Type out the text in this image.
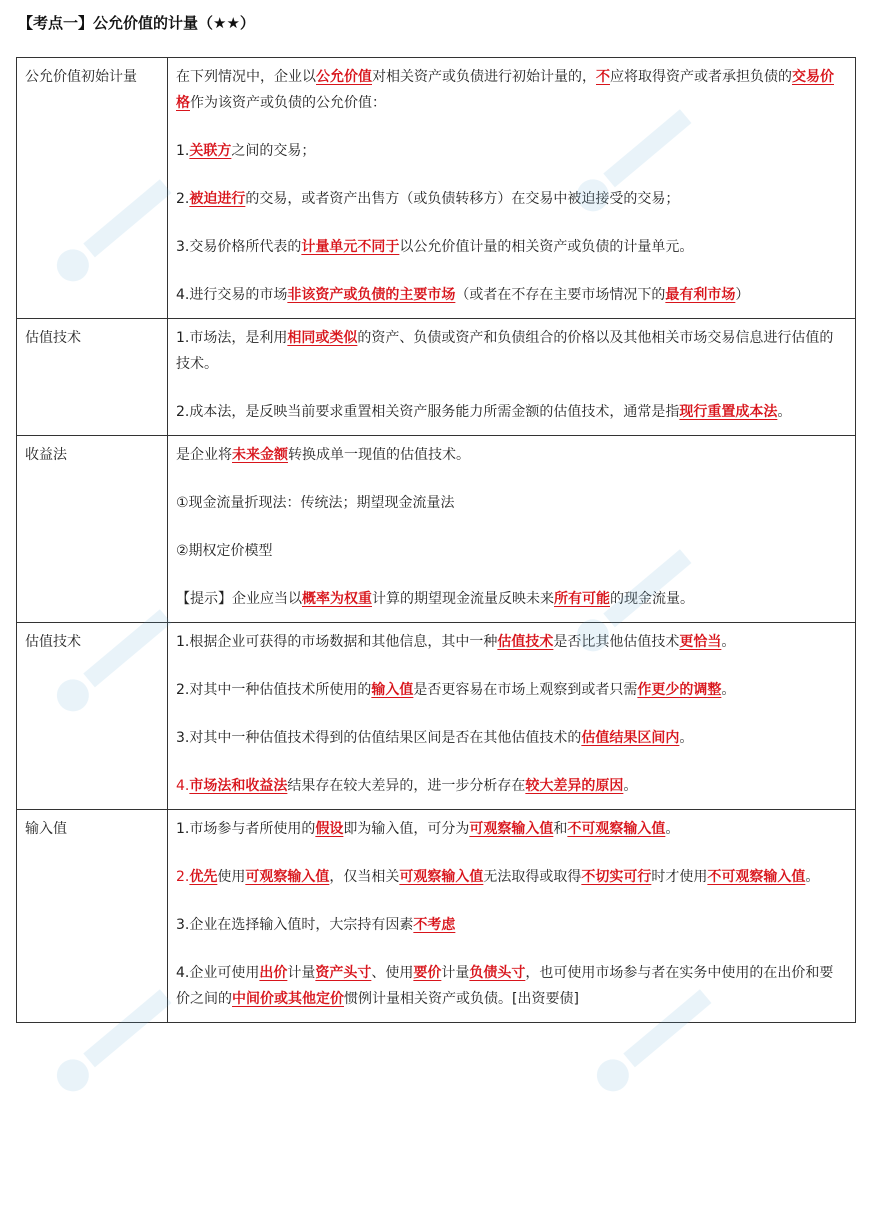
【考点一】公允价值的计量（★★）
公允价值初始计量	在下列情况中，企业以公允价值对相关资产或负债进行初始计量的，不应将取得资产或者承担负债的交易价格作为该资产或负债的公允价值：

1.关联方之间的交易；

2.被迫进行的交易，或者资产出售方（或负债转移方）在交易中被迫接受的交易；

3.交易价格所代表的计量单元不同于以公允价值计量的相关资产或负债的计量单元。

4.进行交易的市场非该资产或负债的主要市场（或者在不存在主要市场情况下的最有利市场）

估值技术	1.市场法，是利用相同或类似的资产、负债或资产和负债组合的价格以及其他相关市场交易信息进行估值的技术。

2.成本法，是反映当前要求重置相关资产服务能力所需金额的估值技术，通常是指现行重置成本法。

收益法	是企业将未来金额转换成单一现值的估值技术。

①现金流量折现法：传统法；期望现金流量法

②期权定价模型

【提示】企业应当以概率为权重计算的期望现金流量反映未来所有可能的现金流量。

估值技术	1.根据企业可获得的市场数据和其他信息，其中一种估值技术是否比其他估值技术更恰当。

2.对其中一种估值技术所使用的输入值是否更容易在市场上观察到或者只需作更少的调整。

3.对其中一种估值技术得到的估值结果区间是否在其他估值技术的估值结果区间内。

4.市场法和收益法结果存在较大差异的，进一步分析存在较大差异的原因。

输入值	1.市场参与者所使用的假设即为输入值，可分为可观察输入值和不可观察输入值。

2.优先使用可观察输入值，仅当相关可观察输入值无法取得或取得不切实可行时才使用不可观察输入值。

3.企业在选择输入值时，大宗持有因素不考虑

4.企业可使用出价计量资产头寸、使用要价计量负债头寸，也可使用市场参与者在实务中使用的在出价和要价之间的中间价或其他定价惯例计量相关资产或负债。[出资要债]
